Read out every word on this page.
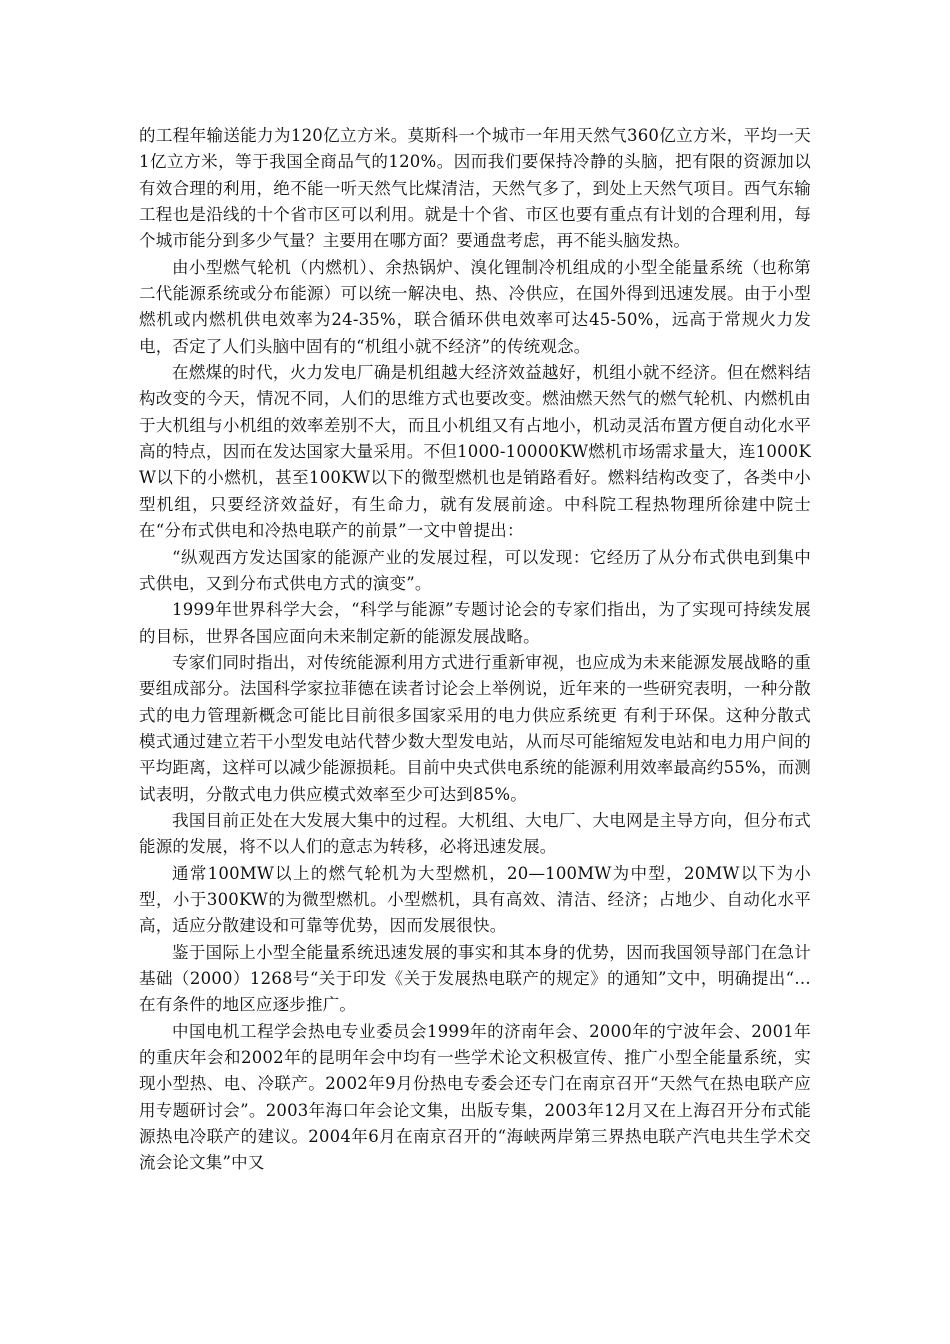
的工程年输送能力为120亿立方米。莫斯科一个城市一年用天然气360亿立方米，平均一天1亿立方米，等于我国全商品气的120%。因而我们要保持冷静的头脑，把有限的资源加以有效合理的利用，绝不能一听天然气比煤清洁，天然气多了，到处上天然气项目。西气东输工程也是沿线的十个省市区可以利用。就是十个省、市区也要有重点有计划的合理利用，每个城市能分到多少气量？主要用在哪方面？要通盘考虑，再不能头脑发热。

由小型燃气轮机（内燃机）、余热锅炉、溴化锂制冷机组成的小型全能量系统（也称第二代能源系统或分布能源）可以统一解决电、热、冷供应，在国外得到迅速发展。由于小型燃机或内燃机供电效率为24-35%，联合循环供电效率可达45-50%，远高于常规火力发电，否定了人们头脑中固有的“机组小就不经济”的传统观念。

在燃煤的时代，火力发电厂确是机组越大经济效益越好，机组小就不经济。但在燃料结构改变的今天，情况不同，人们的思维方式也要改变。燃油燃天然气的燃气轮机、内燃机由于大机组与小机组的效率差别不大，而且小机组又有占地小，机动灵活布置方便自动化水平高的特点，因而在发达国家大量采用。不但1000-10000KW燃机市场需求量大，连1000KW以下的小燃机，甚至100KW以下的微型燃机也是销路看好。燃料结构改变了，各类中小型机组，只要经济效益好，有生命力，就有发展前途。中科院工程热物理所徐建中院士在“分布式供电和冷热电联产的前景”一文中曾提出：

“纵观西方发达国家的能源产业的发展过程，可以发现：它经历了从分布式供电到集中式供电，又到分布式供电方式的演变”。

1999年世界科学大会，“科学与能源”专题讨论会的专家们指出，为了实现可持续发展的目标，世界各国应面向未来制定新的能源发展战略。

专家们同时指出，对传统能源利用方式进行重新审视，也应成为未来能源发展战略的重要组成部分。法国科学家拉菲德在读者讨论会上举例说，近年来的一些研究表明，一种分散式的电力管理新概念可能比目前很多国家采用的电力供应系统更 有利于环保。这种分散式模式通过建立若干小型发电站代替少数大型发电站，从而尽可能缩短发电站和电力用户间的平均距离，这样可以减少能源损耗。目前中央式供电系统的能源利用效率最高约55%，而测试表明，分散式电力供应模式效率至少可达到85%。

我国目前正处在大发展大集中的过程。大机组、大电厂、大电网是主导方向，但分布式能源的发展，将不以人们的意志为转移，必将迅速发展。

通常100MW以上的燃气轮机为大型燃机，20—100MW为中型，20MW以下为小型，小于300KW的为微型燃机。小型燃机，具有高效、清洁、经济；占地少、自动化水平高，适应分散建设和可靠等优势，因而发展很快。

鉴于国际上小型全能量系统迅速发展的事实和其本身的优势，因而我国领导部门在急计基础（2000）1268号“关于印发《关于发展热电联产的规定》的通知”文中，明确提出“…在有条件的地区应逐步推广。

中国电机工程学会热电专业委员会1999年的济南年会、2000年的宁波年会、2001年的重庆年会和2002年的昆明年会中均有一些学术论文积极宣传、推广小型全能量系统，实现小型热、电、冷联产。2002年9月份热电专委会还专门在南京召开“天然气在热电联产应用专题研讨会”。2003年海口年会论文集，出版专集，2003年12月又在上海召开分布式能源热电冷联产的建议。2004年6月在南京召开的“海峡两岸第三界热电联产汽电共生学术交流会论文集”中又
